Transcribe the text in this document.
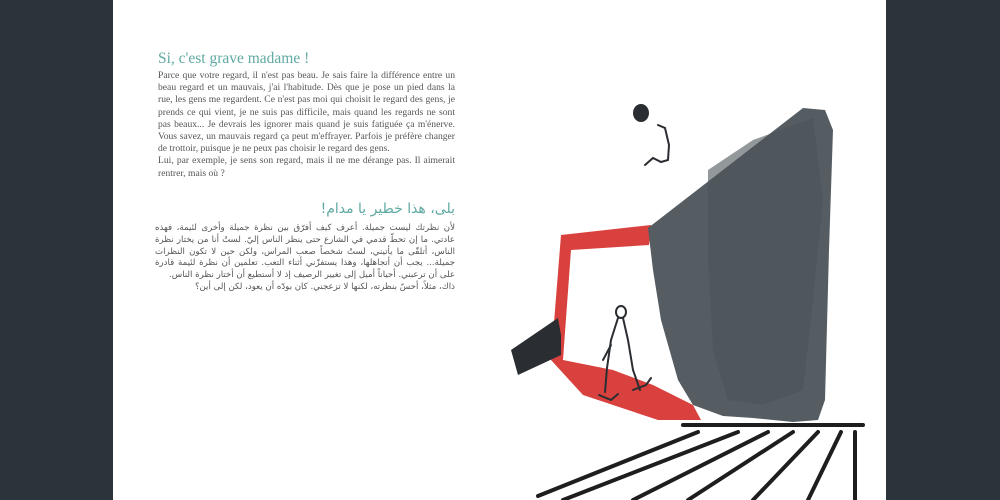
Si, c'est grave madame !

Parce que votre regard, il n'est pas beau. Je sais faire la différence entre un beau regard et un mauvais, j'ai l'habitude. Dès que je pose un pied dans la rue, les gens me regardent. Ce n'est pas moi qui choisit le regard des gens, je prends ce qui vient, je ne suis pas difficile, mais quand les regards ne sont pas beaux... Je devrais les ignorer mais quand je suis fatiguée ça m'énerve. Vous savez, un mauvais regard ça peut m'effrayer. Parfois je préfère changer de trottoir, puisque je ne peux pas choisir le regard des gens.

Lui, par exemple, je sens son regard, mais il ne me dérange pas. Il aimerait rentrer, mais où ?

بلى، هذا خطير يا مدام!

لأن نظرتك ليست جميلة. أعرف كيف أفرّق بين نظرة جميلة وأخرى لئيمة، فهذه عادتي. ما إن تحطّ قدمي في الشارع حتى ينظر الناس إليّ. لستُ أنا من يختار نظرة الناس، أتلقّى ما يأتيني، لستُ شخصاً صعب المراس، ولكن حين لا تكون النظرات جميلة... يجب أن أتجاهلها، وهذا يستفزّني أثناء التعب. تعلمين أن نظرة لئيمة قادرة على أن ترعبني. أحياناً أميل إلى تغيير الرصيف إذ لا أستطيع أن أختار نظرة الناس.

ذاك، مثلاً، أحسّ بنظرته، لكنها لا تزعجني. كان بودّه أن يعود، لكن إلى أين؟
